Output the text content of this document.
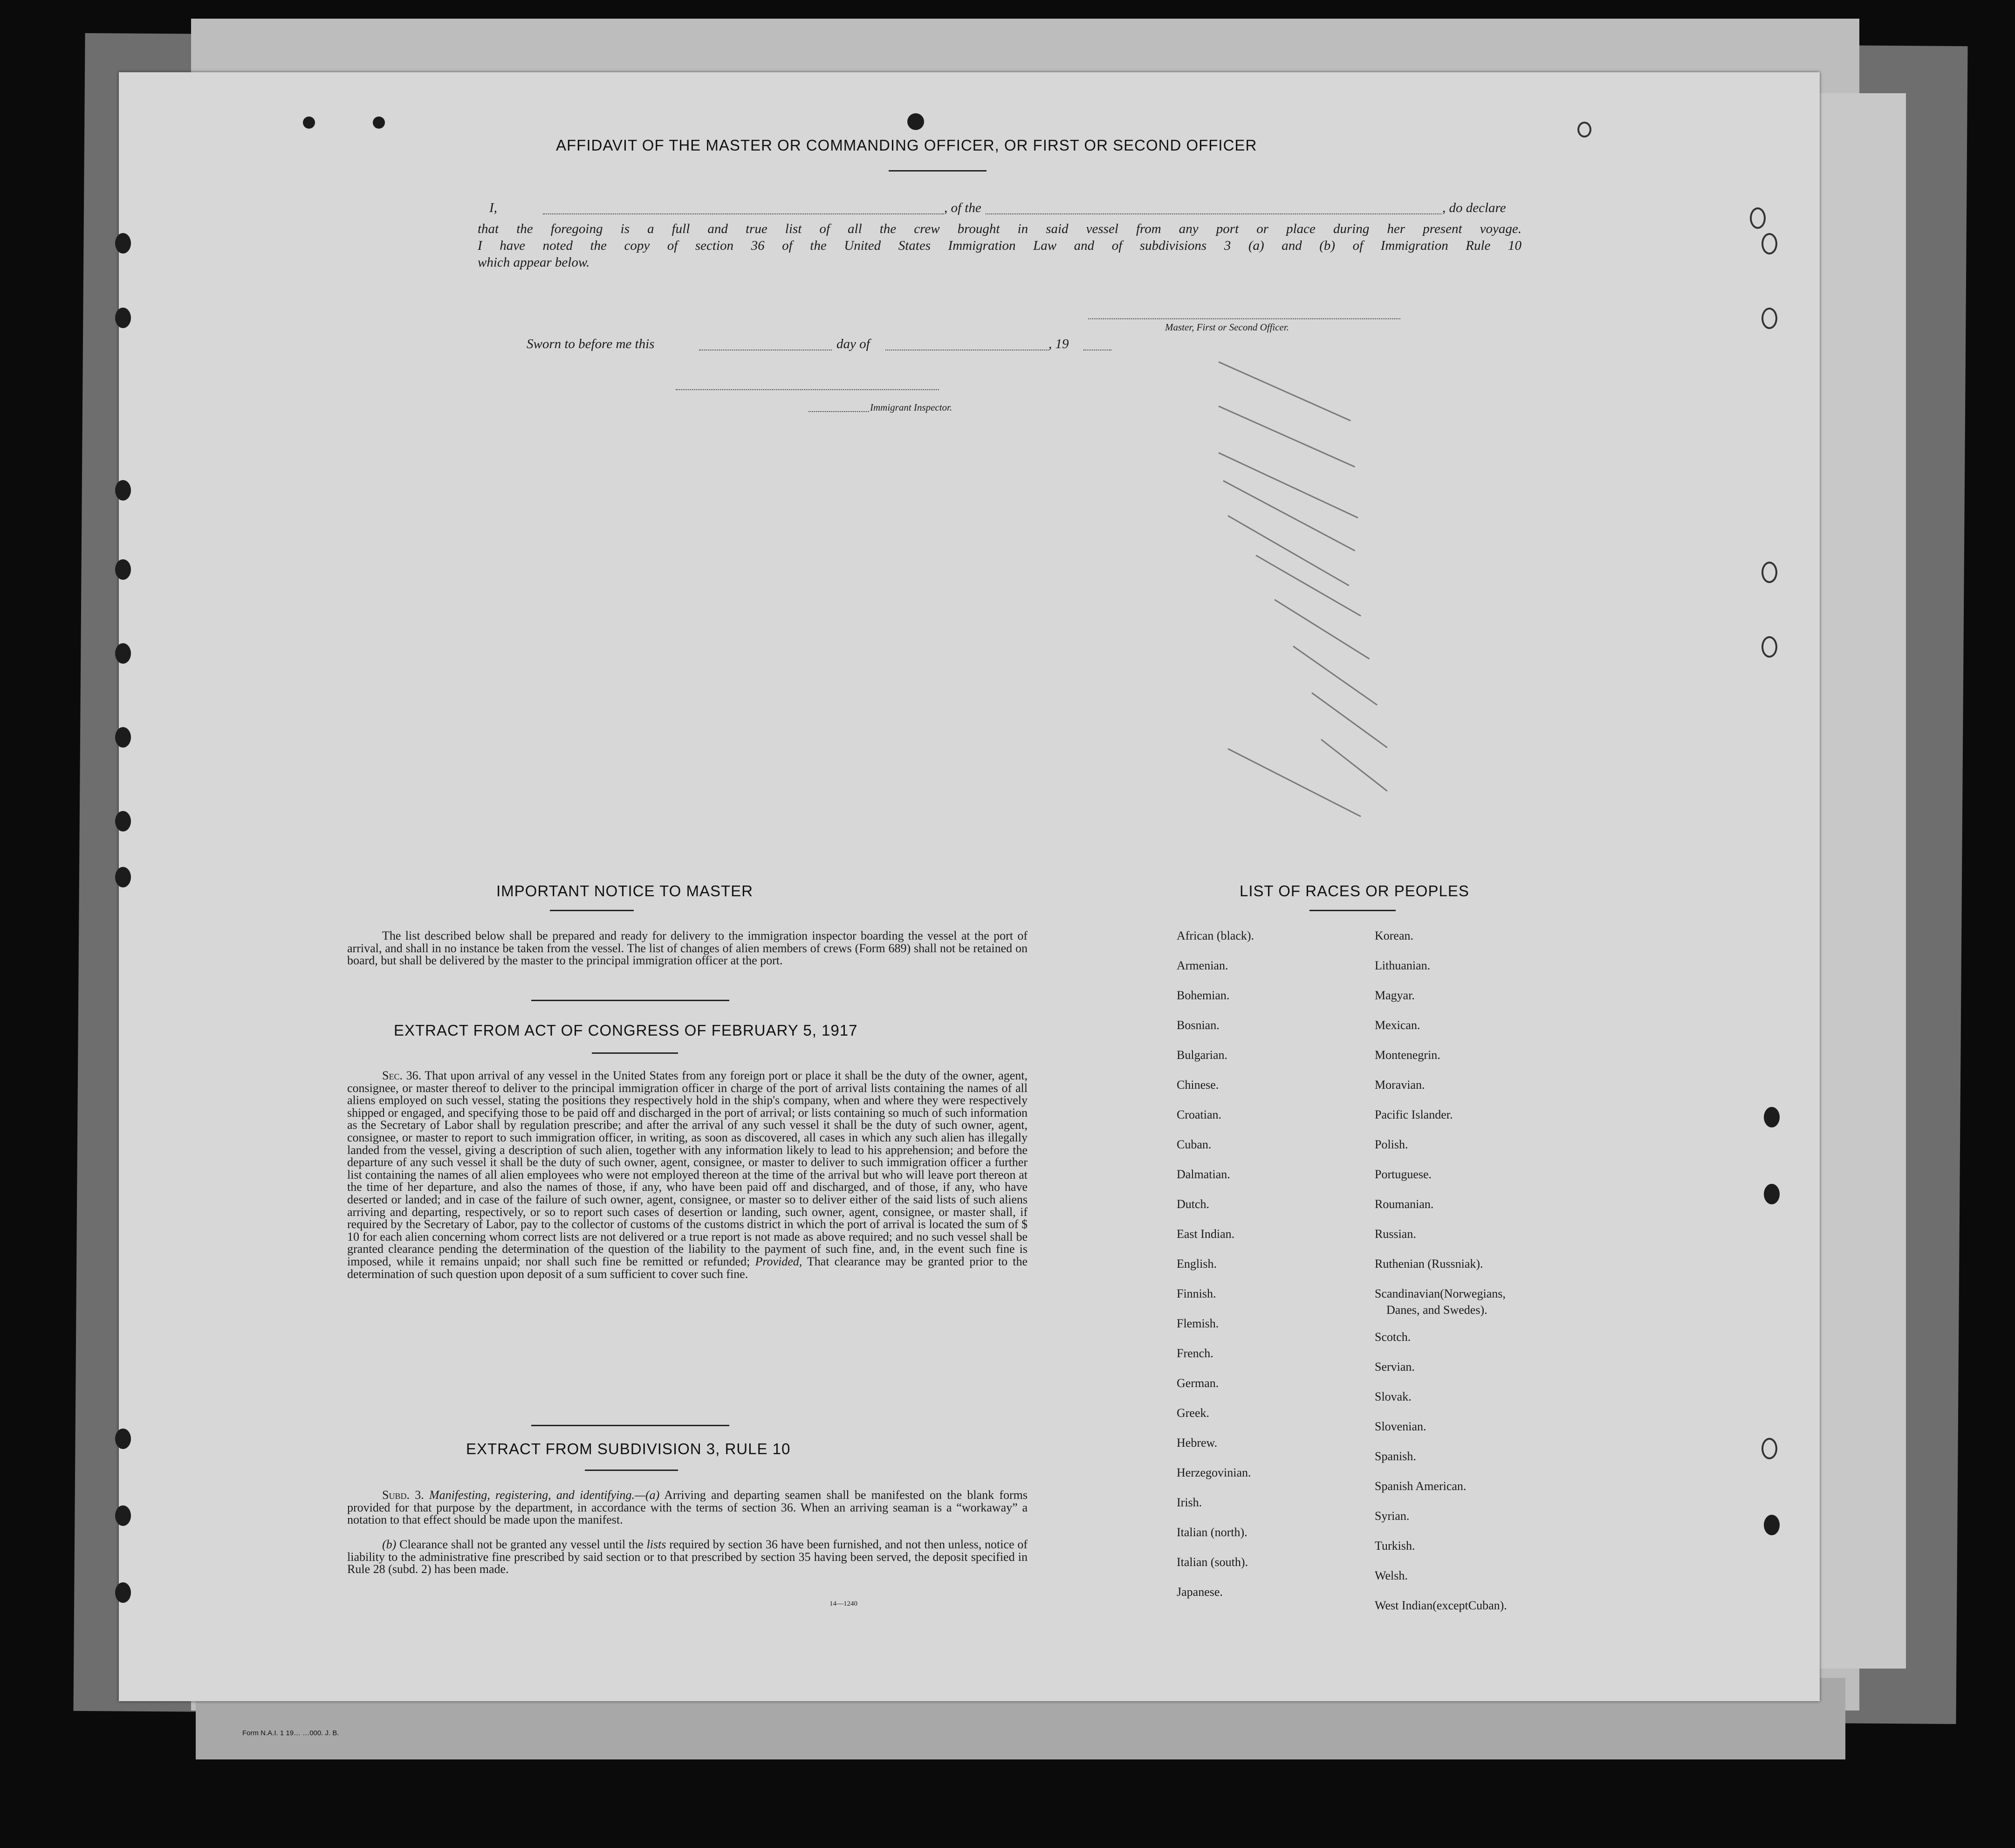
Form N.A.I. 1 19… …000. J. B.
AFFIDAVIT OF THE MASTER OR COMMANDING OFFICER, OR FIRST OR SECOND OFFICER
I,	, of the	, do declare
that the foregoing is a full and true list of all the crew brought in said vessel from any port or place during her present voyage.
I have noted the copy of section 36 of the United States Immigration Law and of subdivisions 3 (a) and (b) of Immigration Rule 10
which appear below.
Master, First or Second Officer.
Sworn to before me this	day of	, 19
Immigrant Inspector.
IMPORTANT NOTICE TO MASTER
The list described below shall be prepared and ready for delivery to the immigration inspector boarding the vessel at the port of arrival, and shall in no instance be taken from the vessel. The list of changes of alien members of crews (Form 689) shall not be retained on board, but shall be delivered by the master to the principal immigration officer at the port.
EXTRACT FROM ACT OF CONGRESS OF FEBRUARY 5, 1917
Sec. 36. That upon arrival of any vessel in the United States from any foreign port or place it shall be the duty of the owner, agent, consignee, or master thereof to deliver to the principal immigration officer in charge of the port of arrival lists containing the names of all aliens employed on such vessel, stating the positions they respectively hold in the ship's company, when and where they were respectively shipped or engaged, and specifying those to be paid off and discharged in the port of arrival; or lists containing so much of such information as the Secretary of Labor shall by regulation prescribe; and after the arrival of any such vessel it shall be the duty of such owner, agent, consignee, or master to report to such immigration officer, in writing, as soon as discovered, all cases in which any such alien has illegally landed from the vessel, giving a description of such alien, together with any information likely to lead to his apprehension; and before the departure of any such vessel it shall be the duty of such owner, agent, consignee, or master to deliver to such immigration officer a further list containing the names of all alien employees who were not employed thereon at the time of the arrival but who will leave port thereon at the time of her departure, and also the names of those, if any, who have been paid off and discharged, and of those, if any, who have deserted or landed; and in case of the failure of such owner, agent, consignee, or master so to deliver either of the said lists of such aliens arriving and departing, respectively, or so to report such cases of desertion or landing, such owner, agent, consignee, or master shall, if required by the Secretary of Labor, pay to the collector of customs of the customs district in which the port of arrival is located the sum of $ 10 for each alien concerning whom correct lists are not delivered or a true report is not made as above required; and no such vessel shall be granted clearance pending the determination of the question of the liability to the payment of such fine, and, in the event such fine is imposed, while it remains unpaid; nor shall such fine be remitted or refunded; Provided, That clearance may be granted prior to the determination of such question upon deposit of a sum sufficient to cover such fine.
EXTRACT FROM SUBDIVISION 3, RULE 10
Subd. 3. Manifesting, registering, and identifying.—(a) Arriving and departing seamen shall be manifested on the blank forms provided for that purpose by the department, in accordance with the terms of section 36. When an arriving seaman is a “workaway” a notation to that effect should be made upon the manifest.
(b) Clearance shall not be granted any vessel until the lists required by section 36 have been furnished, and not then unless, notice of liability to the administrative fine prescribed by said section or to that prescribed by section 35 having been served, the deposit specified in Rule 28 (subd. 2) has been made.
14—1240
LIST OF RACES OR PEOPLES
African (black).
Armenian.
Bohemian.
Bosnian.
Bulgarian.
Chinese.
Croatian.
Cuban.
Dalmatian.
Dutch.
East Indian.
English.
Finnish.
Flemish.
French.
German.
Greek.
Hebrew.
Herzegovinian.
Irish.
Italian (north).
Italian (south).
Japanese.
Korean.
Lithuanian.
Magyar.
Mexican.
Montenegrin.
Moravian.
Pacific Islander.
Polish.
Portuguese.
Roumanian.
Russian.
Ruthenian (Russniak).
Scandinavian(Norwegians,
Danes, and Swedes).
Scotch.
Servian.
Slovak.
Slovenian.
Spanish.
Spanish American.
Syrian.
Turkish.
Welsh.
West Indian(exceptCuban).
